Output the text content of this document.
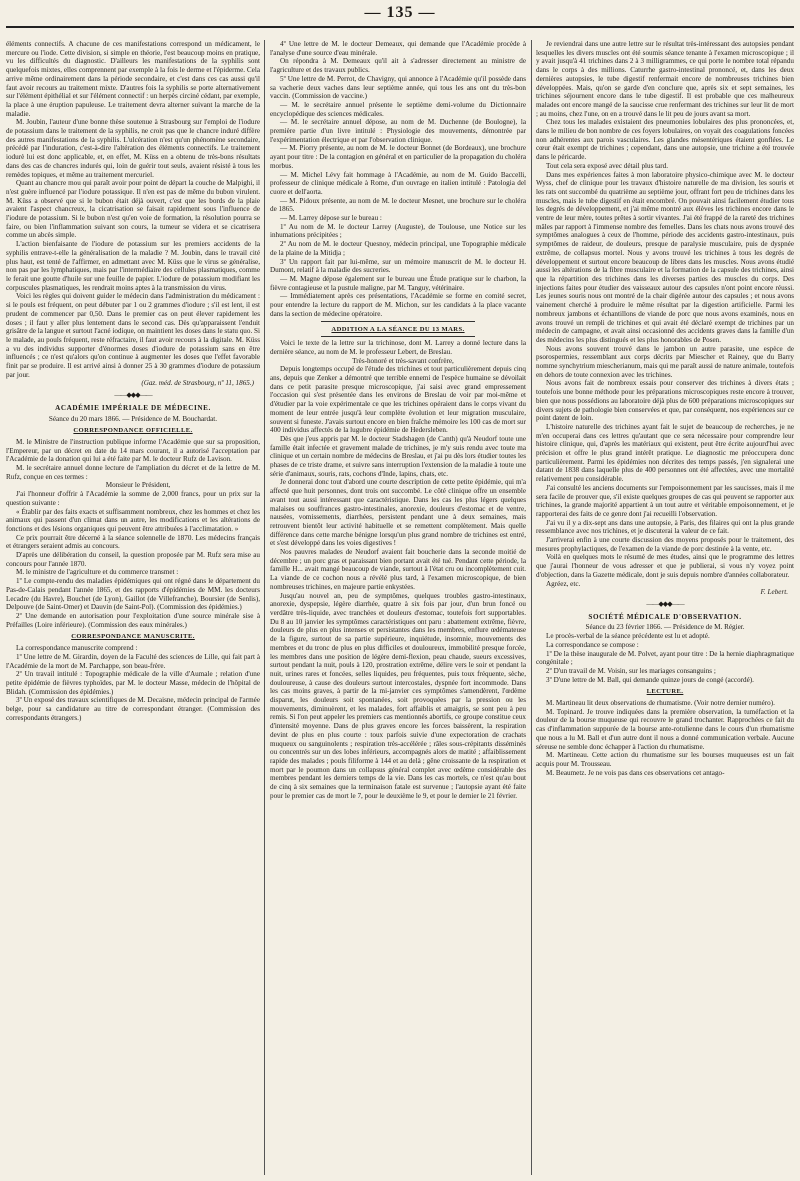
— 135 —

éléments connectifs. A chacune de ces manifestations correspond un médicament, le mercure ou l'iode. Cette division, si simple en théorie, l'est beaucoup moins en pratique, vu les difficultés du diagnostic. D'ailleurs les manifestations de la syphilis sont quelquefois mixtes, elles comprennent par exemple à la fois le derme et l'épiderme. Cela arrive même ordinairement dans la période secondaire, et c'est dans ces cas aussi qu'il faut avoir recours au traitement mixte. D'autres fois la syphilis se porte alternativement sur l'élément épithélial et sur l'élément connectif : un herpès circiné cédant, par exemple, la place à une éruption papuleuse. Le traitement devra alterner suivant la marche de la maladie.

M. Joubin, l'auteur d'une bonne thèse soutenue à Strasbourg sur l'emploi de l'iodure de potassium dans le traitement de la syphilis, ne croit pas que le chancre induré diffère des autres manifestations de la syphilis. L'ulcération n'est qu'un phénomène secondaire, précédé par l'induration, c'est-à-dire l'altération des éléments connectifs. Le traitement iodurè lui est donc applicable, et, en effet, M. Küss en a obtenu de très-bons résultats dans des cas de chancres indurés qui, loin de guérir tout seuls, avaient résisté à tous les remèdes topiques, et même au traitement mercuriel.

Quant au chancre mou qui paraît avoir pour point de départ la couche de Malpighi, il n'est guère influencé par l'iodure potassique. Il n'en est pas de même du bubon virulent. M. Küss a observé que si le bubon était déjà ouvert, c'est que les bords de la plaie avaient l'aspect chancreux, la cicatrisation se faisait rapidement sous l'influence de l'iodure de potassium. Si le bubon n'est qu'en voie de formation, la résolution pourra se faire, ou bien l'inflammation suivant son cours, la tumeur se videra et se cicatrisera comme un abcès simple.

L'action bienfaisante de l'iodure de potassium sur les premiers accidents de la syphilis entrave-t-elle la généralisation de la maladie ? M. Joubin, dans le travail cité plus haut, est tenté de l'affirmer, en admettant avec M. Küss que le virus se généralise, non pas par les lymphatiques, mais par l'intermédiaire des cellules plasmatiques, comme le ferait une goutte d'huile sur une feuille de papier. L'iodure de potassium modifiant les corpuscules plasmatiques, les rendrait moins aptes à la transmission du virus.

Voici les règles qui doivent guider le médecin dans l'administration du médicament : si le pouls est fréquent, on peut débuter par 1 ou 2 grammes d'iodure ; s'il est lent, il est prudent de commencer par 0,50. Dans le premier cas on peut élever rapidement les doses ; il faut y aller plus lentement dans le second cas. Dès qu'apparaissent l'enduit grisâtre de la langue et surtout l'acné iodique, on maintient les doses dans le statu quo. Si le malade, au pouls fréquent, reste réfractaire, il faut avoir recours à la digitale. M. Küss a vu des individus supporter d'énormes doses d'iodure de potassium sans en être influencés ; ce n'est qu'alors qu'on continue à augmenter les doses que l'effet favorable finit par se produire. Il est arrivé ainsi à donner 25 à 30 grammes d'iodure de potassium par jour.

(Gaz. méd. de Strasbourg, nº 11, 1865.)

——◆◆◆——
ACADÉMIE IMPÉRIALE DE MÉDECINE.

Séance du 20 mars 1866. — Présidence de M. Bouchardat.

CORRESPONDANCE OFFICIELLE.

M. le Ministre de l'instruction publique informe l'Académie que sur sa proposition, l'Empereur, par un décret en date du 14 mars courant, il a autorisé l'acceptation par l'Académie de la donation qui lui a été faite par M. le docteur Rufz de Lavison.

M. le secrétaire annuel donne lecture de l'ampliation du décret et de la lettre de M. Rufz, conçue en ces termes :

Monsieur le Président,

J'ai l'honneur d'offrir à l'Académie la somme de 2,000 francs, pour un prix sur la question suivante :

« Établir par des faits exacts et suffisamment nombreux, chez les hommes et chez les animaux qui passent d'un climat dans un autre, les modifications et les altérations de fonctions et des lésions organiques qui peuvent être attribuées à l'acclimatation. »

Ce prix pourrait être décerné à la séance solennelle de 1870. Les médecins français et étrangers seraient admis au concours.

D'après une délibération du conseil, la question proposée par M. Rufz sera mise au concours pour l'année 1870.

M. le ministre de l'agriculture et du commerce transmet :

1º Le compte-rendu des maladies épidémiques qui ont régné dans le département du Pas-de-Calais pendant l'année 1865, et des rapports d'épidémies de MM. les docteurs Lecadre (du Havre), Bouchet (de Lyon), Gaillot (de Villefranche), Boursier (de Senlis), Delpouve (de Saint-Omer) et Dauvin (de Saint-Pol). (Commission des épidémies.)

2º Une demande en autorisation pour l'exploitation d'une source minérale sise à Préfailles (Loire inférieure). (Commission des eaux minérales.)

CORRESPONDANCE MANUSCRITE.

La correspondance manuscrite comprend :

1º Une lettre de M. Girardin, doyen de la Faculté des sciences de Lille, qui fait part à l'Académie de la mort de M. Parchappe, son beau-frère.

2º Un travail intitulé : Topographie médicale de la ville d'Aumale ; relation d'une petite épidémie de fièvres typhoïdes, par M. le docteur Masse, médecin de l'hôpital de Blidah. (Commission des épidémies.)

3º Un exposé des travaux scientifiques de M. Decaisne, médecin principal de l'armée belge, pour sa candidature au titre de correspondant étranger. (Commission des correspondants étrangers.)

4º Une lettre de M. le docteur Demeaux, qui demande que l'Académie procède à l'analyse d'une source d'eau minérale.

On répondra à M. Demeaux qu'il ait à s'adresser directement au ministre de l'agriculture et des travaux publics.

5º Une lettre de M. Perrot, de Chavigny, qui annonce à l'Académie qu'il possède dans sa vacherie deux vaches dans leur septième année, qui tous les ans ont du très-bon vaccin. (Commission de vaccine.)

— M. le secrétaire annuel présente le septième demi-volume du Dictionnaire encyclopédique des sciences médicales.

— M. le secrétaire annuel dépose, au nom de M. Duchenne (de Boulogne), la première partie d'un livre intitulé : Physiologie des mouvements, démontrée par l'expérimentation électrique et par l'observation clinique.

— M. Piorry présente, au nom de M. le docteur Bonnet (de Bordeaux), une brochure ayant pour titre : De la contagion en général et en particulier de la propagation du choléra morbus.

— M. Michel Lévy fait hommage à l'Académie, au nom de M. Guido Baccelli, professeur de clinique médicale à Rome, d'un ouvrage en italien intitulé : Patologia del cuore et dell'aorta.

— M. Pidoux présente, au nom de M. le docteur Mesnet, une brochure sur le choléra de 1865.

— M. Larrey dépose sur le bureau :

1º Au nom de M. le docteur Larrey (Auguste), de Toulouse, une Notice sur les inhumations précipitées ;

2º Au nom de M. le docteur Quesnoy, médecin principal, une Topographie médicale de la plaine de la Mitidja ;

3º Un rapport fait par lui-même, sur un mémoire manuscrit de M. le docteur H. Dumont, relatif à la maladie des sucreries.

— M. Magne dépose également sur le bureau une Étude pratique sur le charbon, la fièvre contagieuse et la pustule maligne, par M. Tanguy, vétérinaire.

— Immédiatement après ces présentations, l'Académie se forme en comité secret, pour entendre la lecture du rapport de M. Michon, sur les candidats à la place vacante dans la section de médecine opératoire.

ADDITION A LA SÉANCE DU 13 MARS.

Voici le texte de la lettre sur la trichinose, dont M. Larrey a donné lecture dans la dernière séance, au nom de M. le professeur Lebert, de Breslau.

Très-honoré et très-savant confrère,

Depuis longtemps occupé de l'étude des trichines et tout particulièrement depuis cinq ans, depuis que Zenker a démontré que terrible ennemi de l'espèce humaine se dévoilait dans ce petit parasite presque microscopique, j'ai saisi avec grand empressement l'occasion qui s'est présentée dans les environs de Breslau de voir par moi-même et d'étudier par la voie expérimentale ce que les trichines opéraient dans le corps vivant du moment de leur entrée jusqu'à leur complète évolution et leur migration musculaire, souvent si funeste. J'avais surtout encore en bien fraîche mémoire les 100 cas de mort sur 400 individus affectés de la lugubre épidémie de Hedersleben.

Dès que j'eus appris par M. le docteur Stadshagen (de Canth) qu'à Neudorf toute une famille était infectée et gravement malade de trichines, je m'y suis rendu avec toute ma clinique et un certain nombre de médecins de Breslau, et j'ai pu dès lors étudier toutes les phases de ce triste drame, et suivre sans interruption l'extension de la maladie à toute une série d'animaux, souris, rats, cochons d'Inde, lapins, chats, etc.

Je donnerai donc tout d'abord une courte description de cette petite épidémie, qui m'a affecté que huit personnes, dont trois ont succombé. Le côté clinique offre un ensemble avant tout aussi intéressant que caractéristique. Dans les cas les plus légers quelques malaises ou souffrances gastro-intestinales, anorexie, douleurs d'estomac et de ventre, nausées, vomissements, diarrhées, persistent pendant une à deux semaines, mais retrouvent bientôt leur activité habituelle et se remettent complètement. Mais quelle différence dans cette marche bénigne lorsqu'un plus grand nombre de trichines est entré, et s'est développé dans les voies digestives !

Nos pauvres malades de Neudorf avaient fait boucherie dans la seconde moitié de décembre ; un porc gras et paraissant bien portant avait été tué. Pendant cette période, la famille H... avait mangé beaucoup de viande, surtout à l'état cru ou incomplètement cuit. La viande de ce cochon nous a révélé plus tard, à l'examen microscopique, de bien nombreuses trichines, en majeure partie enkystées.

Jusqu'au nouvel an, peu de symptômes, quelques troubles gastro-intestinaux, anorexie, dyspepsie, légère diarrhée, quatre à six fois par jour, d'un brun foncé ou verdâtre très-liquide, avec tranchées et douleurs d'estomac, toutefois fort supportables. Du 8 au 10 janvier les symptômes caractéristiques ont paru : abattement extrême, fièvre, douleurs de plus en plus intenses et persistantes dans les membres, enflure œdémateuse de la figure, surtout de sa partie supérieure, inquiétude, insomnie, mouvements des membres et du tronc de plus en plus difficiles et douloureux, immobilité presque forcée, les membres dans une position de légère demi-flexion, peau chaude, sueurs excessives, surtout pendant la nuit, pouls à 120, prostration extrême, délire vers le soir et pendant la nuit, urines rares et foncées, selles liquides, peu fréquentes, puis toux fréquente, sèche, douloureuse, à cause des douleurs surtout intercostales, dyspnée fort incommode. Dans les cas moins graves, à partir de la mi-janvier ces symptômes s'amendèrent, l'œdème disparut, les douleurs soit spontanées, soit provoquées par la pression ou les mouvements, diminuèrent, et les malades, fort affaiblis et amaigris, se sont peu à peu remis. Si l'on peut appeler les premiers cas mentionnés abortifs, ce groupe constitue ceux d'intensité moyenne. Dans de plus graves encore les forces baissèrent, la respiration devint de plus en plus courte : toux parfois suivie d'une expectoration de crachats muqueux ou sanguinolents ; respiration très-accélérée ; râles sous-crépitants disséminés ou concentrés sur un des lobes inférieurs, accompagnés alors de matité ; affaiblissement rapide des malades ; pouls filiforme à 144 et au delà ; gêne croissante de la respiration et mort par le poumon dans un collapsus général complet avec œdème considérable des membres pendant les derniers temps de la vie. Dans les cas mortels, ce n'est qu'au bout de cinq à six semaines que la terminaison fatale est survenue ; l'autopsie ayant été faite pour le premier cas de mort le 7, pour le deuxième le 9, et pour le dernier le 21 février.

Je reviendrai dans une autre lettre sur le résultat très-intéressant des autopsies pendant lesquelles les divers muscles ont été soumis séance tenante à l'examen microscopique ; il y avait jusqu'à 41 trichines dans 2 à 3 milligrammes, ce qui porte le nombre total répandu dans le corps à des millions. Caturrhe gastro-intestinal prononcé, et, dans les deux dernières autopsies, le tube digestif renfermait encore de nombreuses trichines bien développées. Mais, qu'on se garde d'en conclure que, après six et sept semaines, les trichines séjournent encore dans le tube digestif. Il est probable que ces malheureux malades ont encore mangé de la saucisse crue renfermant des trichines sur leur lit de mort ; au moins, chez l'une, on en a trouvé dans le lit peu de jours avant sa mort.

Chez tous les malades existaient des pneumonies lobulaires des plus prononcées, et, dans le milieu de bon nombre de ces foyers lobulaires, on voyait des coagulations foncées non adhérentes aux parois vasculaires. Les glandes mésentériques étaient gonflées. Le cœur était exempt de trichines ; cependant, dans une autopsie, une trichine a été trouvée dans le péricarde.

Tout cela sera exposé avec détail plus tard.

Dans mes expériences faites à mon laboratoire physico-chimique avec M. le docteur Wyss, chef de clinique pour les travaux d'histoire naturelle de ma division, les souris et les rats ont succombé du quatrième au septième jour, offrant fort peu de trichines dans les muscles, mais le tube digestif en était encombré. On pouvait ainsi facilement étudier tous les degrés de développement, et j'ai même montré aux élèves les trichines encore dans le ventre de leur mère, toutes prêtes à sortir vivantes. J'ai été frappé de la rareté des trichines mâles par rapport à l'immense nombre des femelles. Dans les chats nous avons trouvé des symptômes analogues à ceux de l'homme, période des accidents gastro-intestinaux, puis symptômes de raideur, de douleurs, presque de paralysie musculaire, puis de dyspnée extrême, de collapsus mortel. Nous y avons trouvé les trichines à tous les degrés de développement et surtout encore beaucoup de libres dans les muscles. Nous avons étudié aussi les altérations de la fibre musculaire et la formation de la capsule des trichines, ainsi que la répartition des trichines dans les diverses parties des muscles du corps. Des injections faites pour étudier des vaisseaux autour des capsules n'ont point encore réussi. Les jeunes souris nous ont montré de la chair digérée autour des capsules ; et nous avons vainement cherché à produire le même résultat par la digestion artificielle. Parmi les nombreux jambons et échantillons de viande de porc que nous avons examinés, nous en avons trouvé un rempli de trichines et qui avait été déclaré exempt de trichines par un médecin de campagne, et avait ainsi occasionné des accidents graves dans la famille d'un des médecins les plus distingués et les plus honorables de Posen.

Nous avons souvent trouvé dans le jambon un autre parasite, une espèce de psorospermies, ressemblant aux corps décrits par Miescher et Rainey, que du Barry nomme synchytrium miescherianum, mais qui me paraît aussi de nature animale, toutefois en dehors de toute connexion avec les trichines.

Nous avons fait de nombreux essais pour conserver des trichines à divers états ; toutefois une bonne méthode pour les préparations microscopiques reste encore à trouver, bien que nous possédions au laboratoire déjà plus de 600 préparations microscopiques sur divers sujets de pathologie bien conservées et que, par conséquent, nos expériences sur ce point datent de loin.

L'histoire naturelle des trichines ayant fait le sujet de beaucoup de recherches, je ne m'en occuperai dans ces lettres qu'autant que ce sera nécessaire pour comprendre leur histoire clinique, qui, d'après les matériaux qui existent, peut être écrite aujourd'hui avec précision et offre le plus grand intérêt pratique. Le diagnostic me préoccupera donc particulièrement. Parmi les épidémies non décrites des temps passés, j'en signalerai une datant de 1838 dans laquelle plus de 400 personnes ont été affectées, avec une mortalité relativement peu considérable.

J'ai consulté les anciens documents sur l'empoisonnement par les saucisses, mais il me sera facile de prouver que, s'il existe quelques groupes de cas qui peuvent se rapporter aux trichines, la grande majorité appartient à un tout autre et véritable empoisonnement, et je rapporterai des faits de ce genre dont j'ai recueilli l'observation.

J'ai vu il y a dix-sept ans dans une autopsie, à Paris, des filaires qui ont la plus grande ressemblance avec nos trichines, et je discuterai la valeur de ce fait.

J'arriverai enfin à une courte discussion des moyens proposés pour le traitement, des mesures prophylactiques, de l'examen de la viande de porc destinée à la vente, etc.

Voilà en quelques mots le résumé de mes études, ainsi que le programme des lettres que j'aurai l'honneur de vous adresser et que je publierai, si vous n'y voyez point d'objection, dans la Gazette médicale, dont je suis depuis nombre d'années collaborateur.

Agréez, etc.

F. Lebert.

——◆◆◆——
SOCIÉTÉ MÉDICALE D'OBSERVATION.

Séance du 23 février 1866. — Présidence de M. Régier.

Le procès-verbal de la séance précédente est lu et adopté.

La correspondance se compose :

1º De la thèse inaugurale de M. Polvet, ayant pour titre : De la hernie diaphragmatique congénitale ;

2º D'un travail de M. Voisin, sur les mariages consanguins ;

3º D'une lettre de M. Ball, qui demande quinze jours de congé (accordé).

LECTURE.

M. Martineau lit deux observations de rhumatisme. (Voir notre dernier numéro).

M. Topinard. Je trouve indiquées dans la première observation, la tuméfaction et la douleur de la bourse muqueuse qui recouvre le grand trochanter. Rapprochées ce fait du cas d'inflammation suppurée de la bourse ante-rotulienne dans le cours d'un rhumatisme que nous a lu M. Ball et d'un autre dont il nous a donné communication verbale. Aucune séreuse ne semble donc échapper à l'action du rhumatisme.

M. Martineau. Cette action du rhumatisme sur les bourses muqueuses est un fait acquis pour M. Trousseau.

M. Beaumetz. Je ne vois pas dans ces observations cet antago-
